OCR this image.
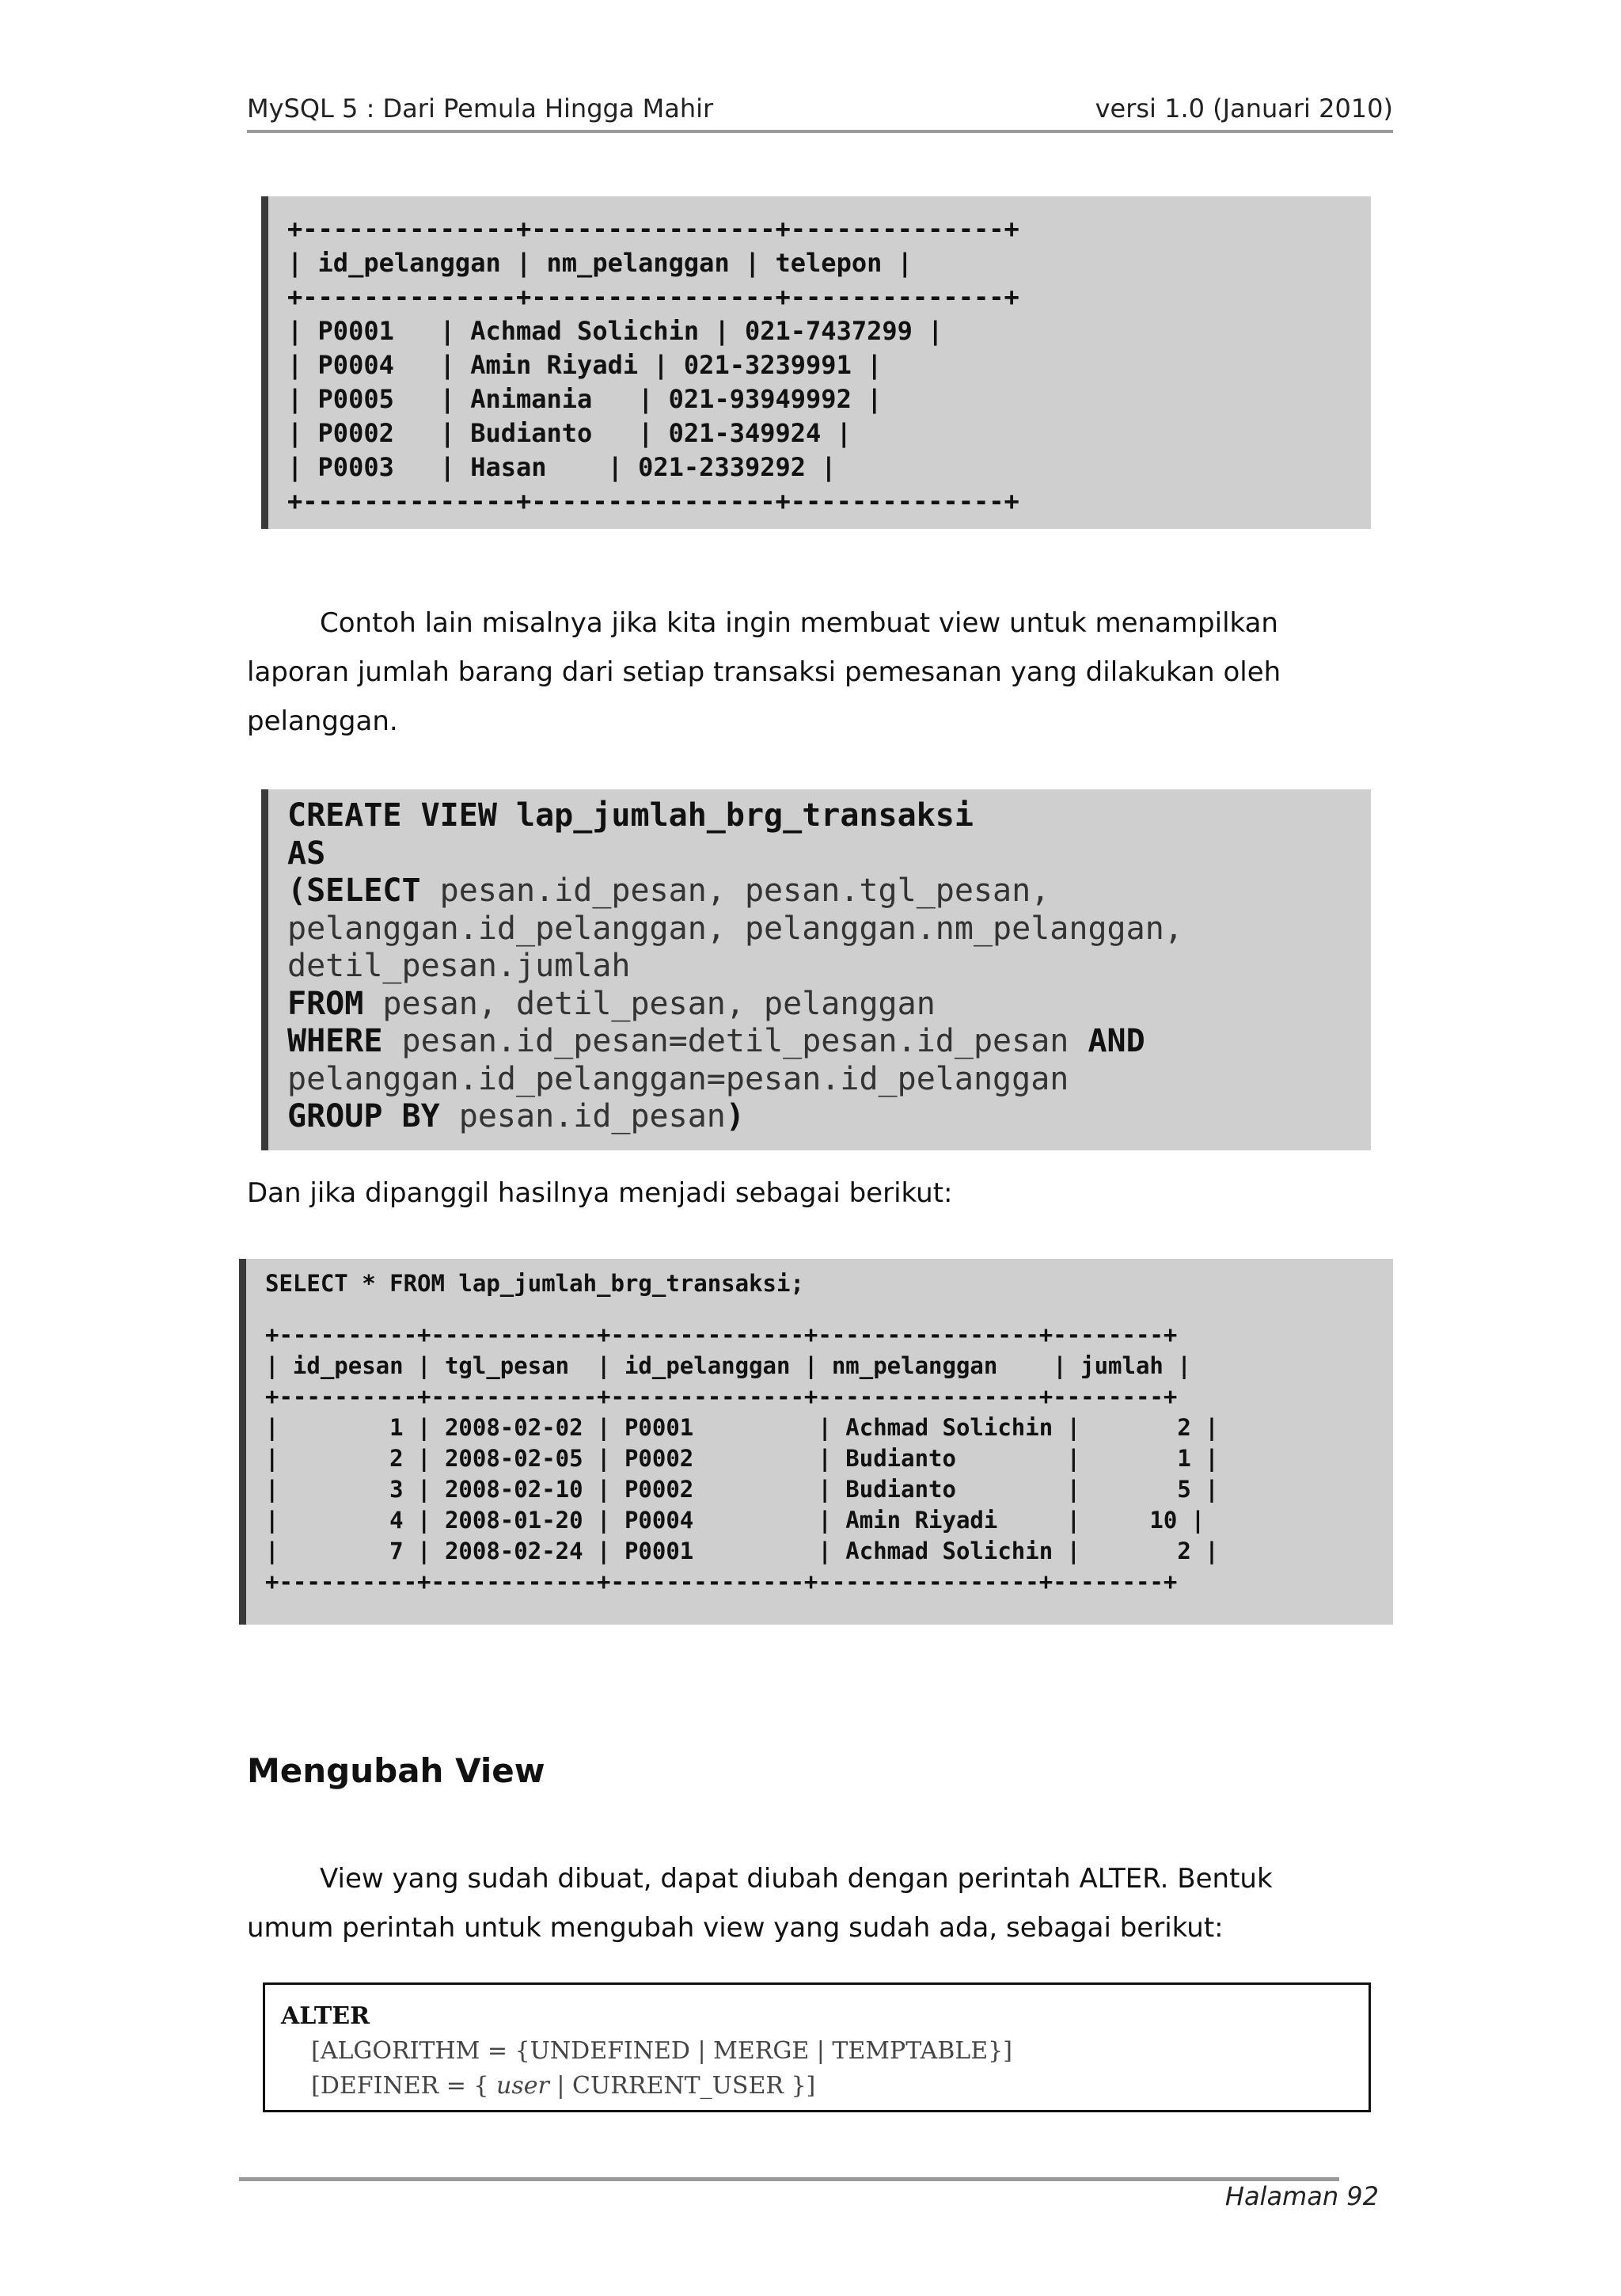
MySQL 5 : Dari Pemula Hingga Mahir	versi 1.0 (Januari 2010)
+--------------+----------------+--------------+
| id_pelanggan | nm_pelanggan | telepon |
+--------------+----------------+--------------+
| P0001   | Achmad Solichin | 021-7437299 |
| P0004   | Amin Riyadi | 021-3239991 |
| P0005   | Animania   | 021-93949992 |
| P0002   | Budianto   | 021-349924 |
| P0003   | Hasan    | 021-2339292 |
+--------------+----------------+--------------+
Contoh lain misalnya jika kita ingin membuat view untuk menampilkan laporan jumlah barang dari setiap transaksi pemesanan yang dilakukan oleh pelanggan.
CREATE VIEW lap_jumlah_brg_transaksi
AS
(SELECT pesan.id_pesan, pesan.tgl_pesan,
pelanggan.id_pelanggan, pelanggan.nm_pelanggan,
detil_pesan.jumlah
FROM pesan, detil_pesan, pelanggan
WHERE pesan.id_pesan=detil_pesan.id_pesan AND
pelanggan.id_pelanggan=pesan.id_pelanggan
GROUP BY pesan.id_pesan)
Dan jika dipanggil hasilnya menjadi sebagai berikut:
SELECT * FROM lap_jumlah_brg_transaksi;
+----------+------------+--------------+----------------+--------+
| id_pesan | tgl_pesan  | id_pelanggan | nm_pelanggan    | jumlah |
+----------+------------+--------------+----------------+--------+
|        1 | 2008-02-02 | P0001         | Achmad Solichin |       2 |
|        2 | 2008-02-05 | P0002         | Budianto        |       1 |
|        3 | 2008-02-10 | P0002         | Budianto        |       5 |
|        4 | 2008-01-20 | P0004         | Amin Riyadi     |     10 |
|        7 | 2008-02-24 | P0001         | Achmad Solichin |       2 |
+----------+------------+--------------+----------------+--------+
Mengubah View
View yang sudah dibuat, dapat diubah dengan perintah ALTER. Bentuk umum perintah untuk mengubah view yang sudah ada, sebagai berikut:
ALTER
[ALGORITHM = {UNDEFINED | MERGE | TEMPTABLE}]
[DEFINER = { user | CURRENT_USER }]
Halaman 92
